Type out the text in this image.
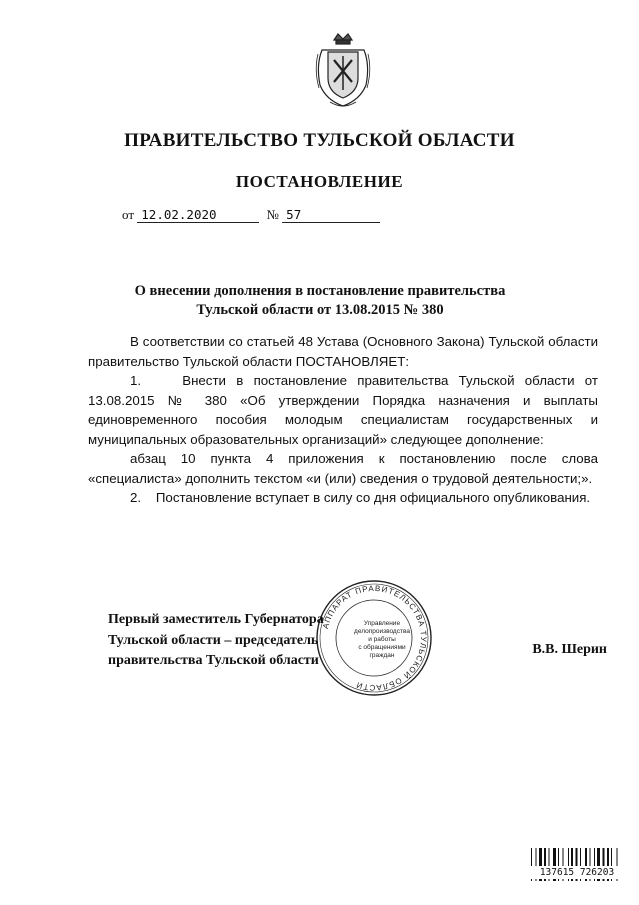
ПРАВИТЕЛЬСТВО ТУЛЬСКОЙ ОБЛАСТИ
ПОСТАНОВЛЕНИЕ
от 12.02.2020	№ 57
О внесении дополнения в постановление правительства
Тульской области от 13.08.2015 № 380

В соответствии со статьей 48 Устава (Основного Закона) Тульской области правительство Тульской области ПОСТАНОВЛЯЕТ:

1.    Внести в постановление правительства Тульской области от 13.08.2015 № 380 «Об утверждении Порядка назначения и выплаты единовременного пособия молодым специалистам государственных и муниципальных образовательных организаций» следующее дополнение:

абзац 10 пункта 4 приложения к постановлению после слова «специалиста» дополнить текстом «и (или) сведения о трудовой деятельности;».

2.    Постановление вступает в силу со дня официального опубликования.

АППАРАТ ПРАВИТЕЛЬСТВА ТУЛЬСКОЙ ОБЛАСТИ
Управление
делопроизводства
и работы
с обращениями
граждан
Первый заместитель Губернатора
Тульской области – председатель
правительства Тульской области
В.В. Шерин
137615 726203
